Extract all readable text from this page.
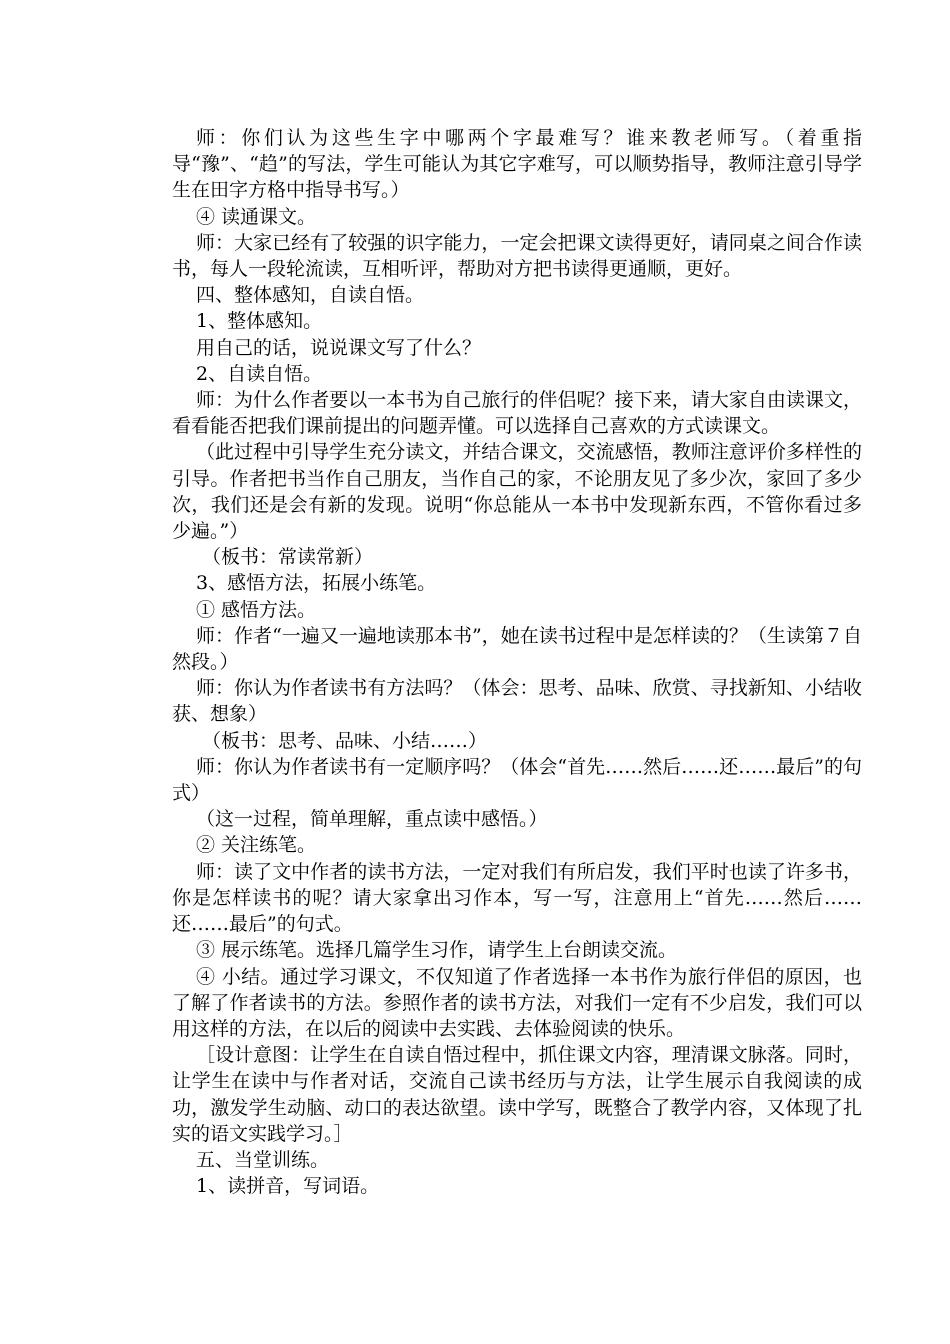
师：你们认为这些生字中哪两个字最难写？谁来教老师写。（着重指导“豫”、“趋”的写法，学生可能认为其它字难写，可以顺势指导，教师注意引导学生在田字方格中指导书写。）

④ 读通课文。

师：大家已经有了较强的识字能力，一定会把课文读得更好，请同桌之间合作读书，每人一段轮流读，互相听评，帮助对方把书读得更通顺，更好。

四、整体感知，自读自悟。

1、整体感知。

用自己的话，说说课文写了什么？

2、自读自悟。

师：为什么作者要以一本书为自己旅行的伴侣呢？接下来，请大家自由读课文，看看能否把我们课前提出的问题弄懂。可以选择自己喜欢的方式读课文。

（此过程中引导学生充分读文，并结合课文，交流感悟，教师注意评价多样性的引导。作者把书当作自己朋友，当作自己的家，不论朋友见了多少次，家回了多少次，我们还是会有新的发现。说明“你总能从一本书中发现新东西，不管你看过多少遍。”）

（板书：常读常新）

3、感悟方法，拓展小练笔。

① 感悟方法。

师：作者“一遍又一遍地读那本书”，她在读书过程中是怎样读的？（生读第７自然段。）

师：你认为作者读书有方法吗？（体会：思考、品味、欣赏、寻找新知、小结收获、想象）

（板书：思考、品味、小结……）

师：你认为作者读书有一定顺序吗？（体会“首先……然后……还……最后”的句式）

（这一过程，简单理解，重点读中感悟。）

② 关注练笔。

师：读了文中作者的读书方法，一定对我们有所启发，我们平时也读了许多书，你是怎样读书的呢？请大家拿出习作本，写一写，注意用上“首先……然后……还……最后”的句式。

③ 展示练笔。选择几篇学生习作，请学生上台朗读交流。

④ 小结。通过学习课文，不仅知道了作者选择一本书作为旅行伴侣的原因，也了解了作者读书的方法。参照作者的读书方法，对我们一定有不少启发，我们可以用这样的方法，在以后的阅读中去实践、去体验阅读的快乐。

［设计意图：让学生在自读自悟过程中，抓住课文内容，理清课文脉落。同时，让学生在读中与作者对话，交流自己读书经历与方法，让学生展示自我阅读的成功，激发学生动脑、动口的表达欲望。读中学写，既整合了教学内容，又体现了扎实的语文实践学习。］

五、当堂训练。

1、读拼音，写词语。
